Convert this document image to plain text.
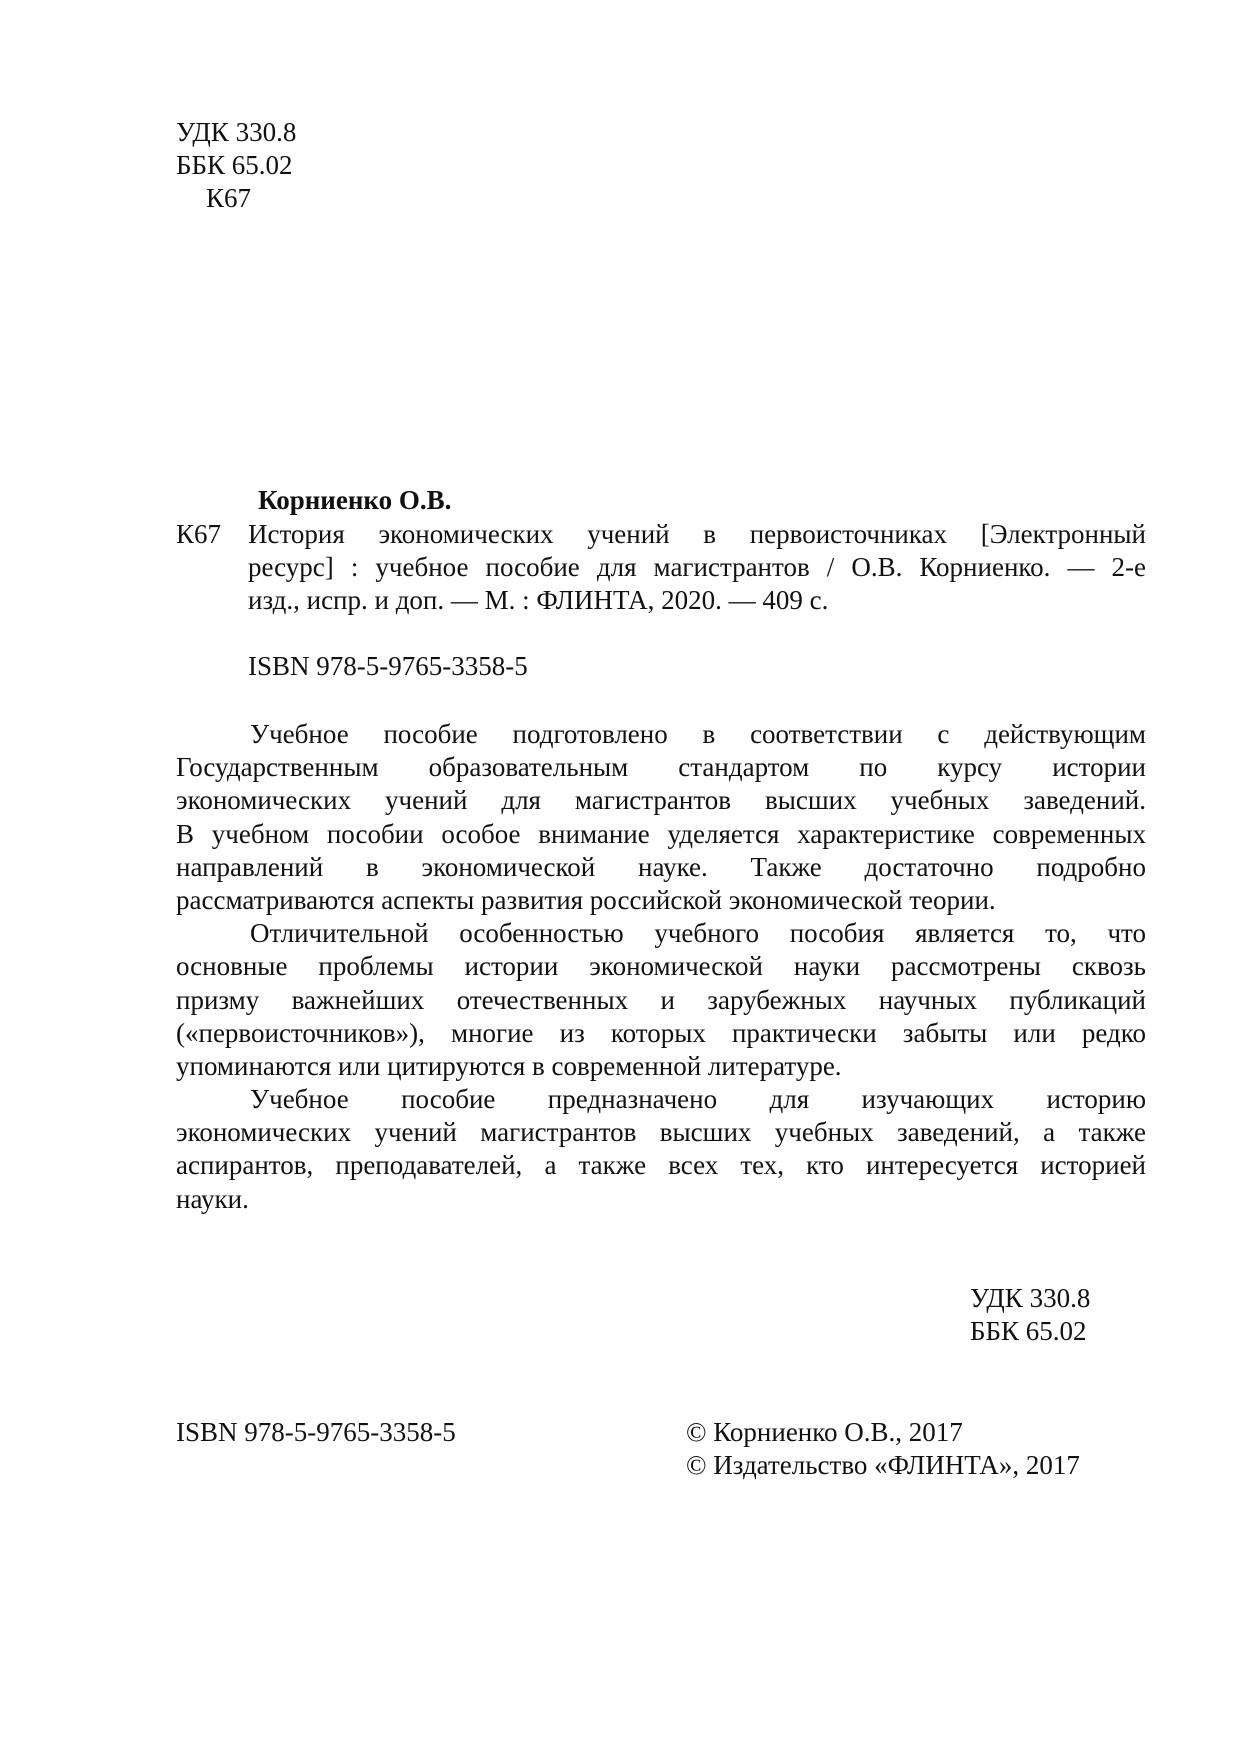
УДК 330.8
ББК 65.02
К67
Корниенко О.В.
К67 История экономических учений в первоисточниках [Электронный
ресурс] : учебное пособие для магистрантов / О.В. Корниенко. — 2-е
изд., испр. и доп. — М. : ФЛИНТА, 2020. — 409 с.
ISBN 978-5-9765-3358-5
Учебное пособие подготовлено в соответствии с действующим
Государственным образовательным стандартом по курсу истории
экономических учений для магистрантов высших учебных заведений.
В учебном пособии особое внимание уделяется характеристике современных
направлений в экономической науке. Также достаточно подробно
рассматриваются аспекты развития российской экономической теории.
Отличительной особенностью учебного пособия является то, что
основные проблемы истории экономической науки рассмотрены сквозь
призму важнейших отечественных и зарубежных научных публикаций
(«первоисточников»), многие из которых практически забыты или редко
упоминаются или цитируются в современной литературе.
Учебное пособие предназначено для изучающих историю
экономических учений магистрантов высших учебных заведений, а также
аспирантов, преподавателей, а также всех тех, кто интересуется историей
науки.
УДК 330.8
ББК 65.02
ISBN 978-5-9765-3358-5	© Корниенко О.В., 2017
© Издательство «ФЛИНТА», 2017
